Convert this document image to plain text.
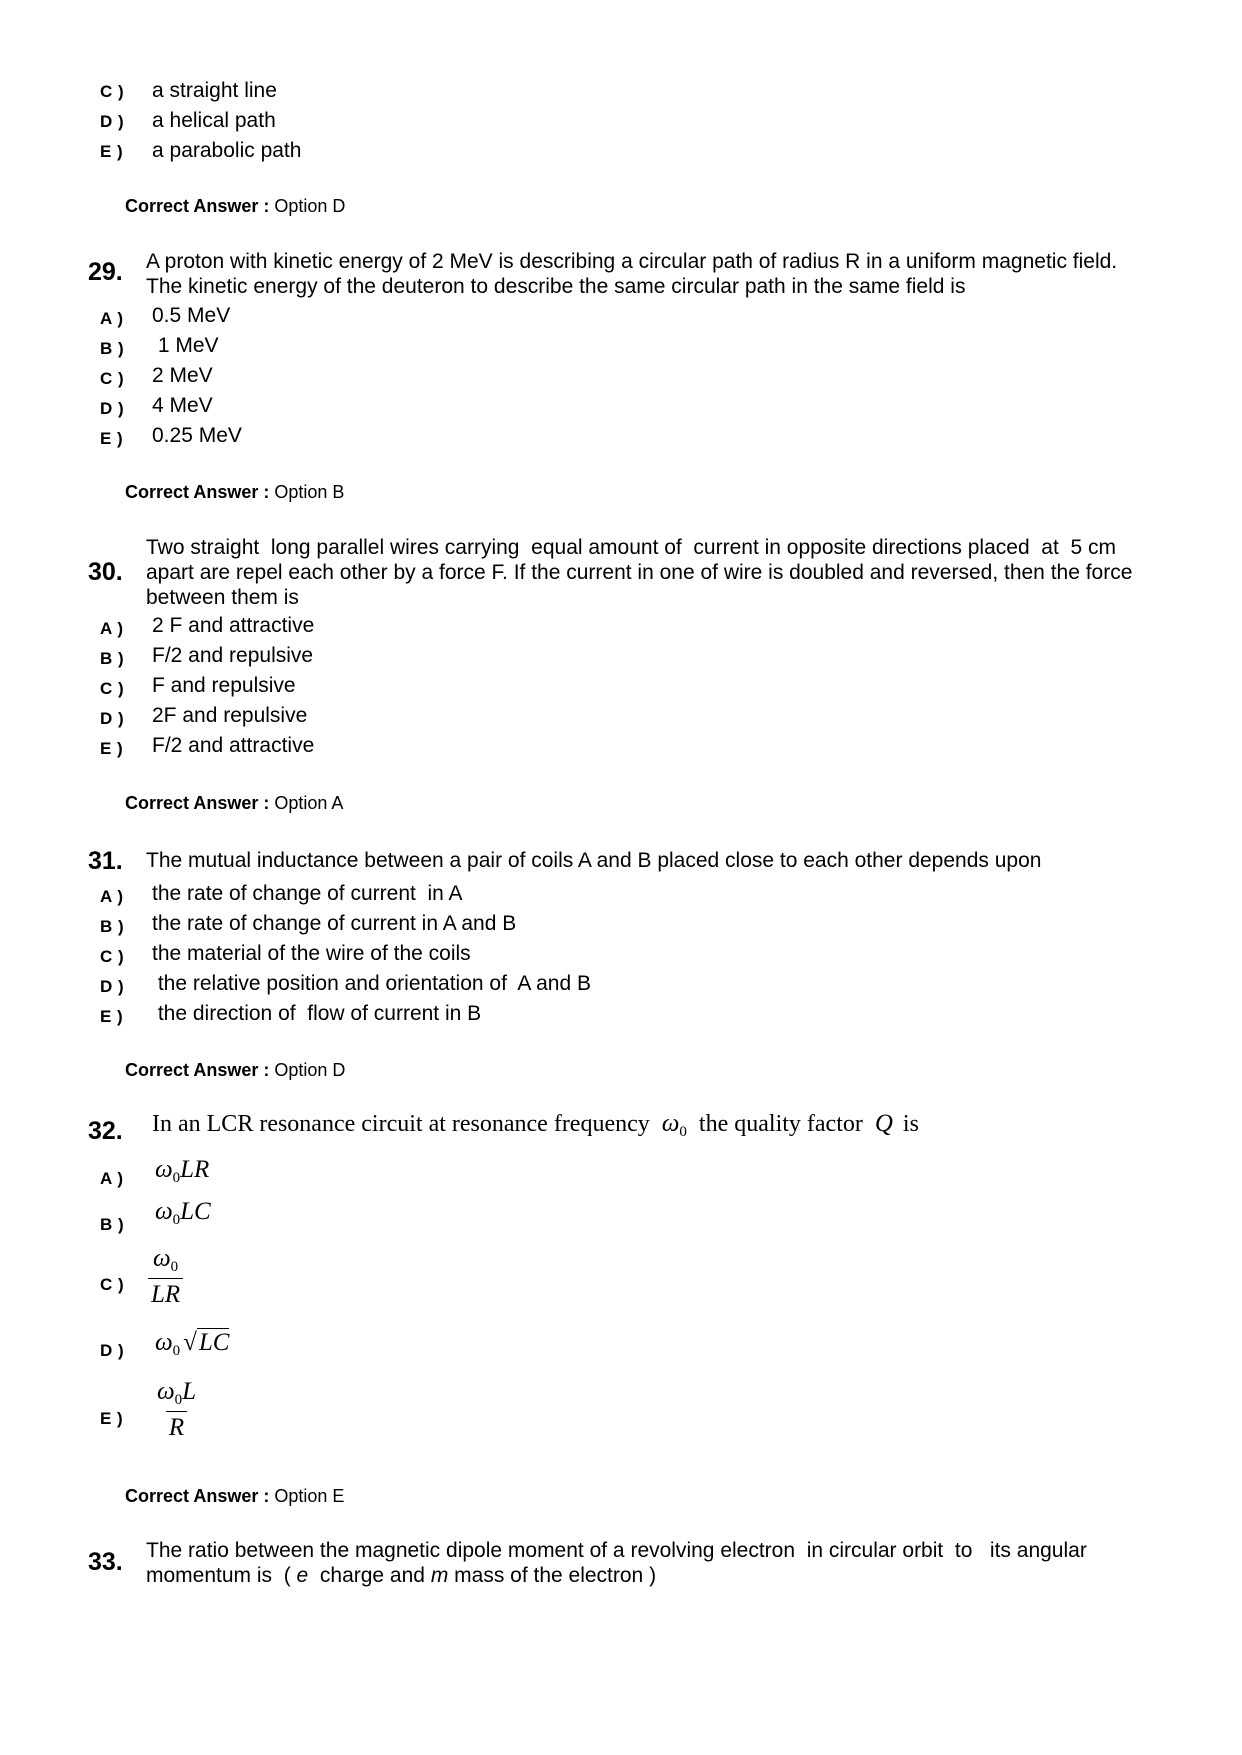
C ) a straight line
D ) a helical path
E ) a parabolic path
Correct Answer : Option D
29. A proton with kinetic energy of 2 MeV is describing a circular path of radius R in a uniform magnetic field.
The kinetic energy of the deuteron to describe the same circular path in the same field is
A ) 0.5 MeV
B ) 1 MeV
C ) 2 MeV
D ) 4 MeV
E ) 0.25 MeV
Correct Answer : Option B
30.
Two straight  long parallel wires carrying  equal amount of  current in opposite directions placed  at  5 cm
apart are repel each other by a force F. If the current in one of wire is doubled and reversed, then the force
between them is
A ) 2 F and attractive
B ) F/2 and repulsive
C ) F and repulsive
D ) 2F and repulsive
E ) F/2 and attractive
Correct Answer : Option A
31. The mutual inductance between a pair of coils A and B placed close to each other depends upon
A ) the rate of change of current  in A
B ) the rate of change of current in A and B
C ) the material of the wire of the coils
D ) the relative position and orientation of  A and B
E ) the direction of  flow of current in B
Correct Answer : Option D
32. In an LCR resonance circuit at resonance frequency $\omega_0$ the quality factor Q is
A ) $\omega_0LR$
B ) $\omega_0LC$
C ) $\frac{\omega_0}{LR}$
D ) $\omega_0$ √LC
E ) $\frac{\omega_0L}{R}$
Correct Answer : Option E
33. The ratio between the magnetic dipole moment of a revolving electron  in circular orbit  to   its angular
momentum is  ( e  charge and m mass of the electron )
